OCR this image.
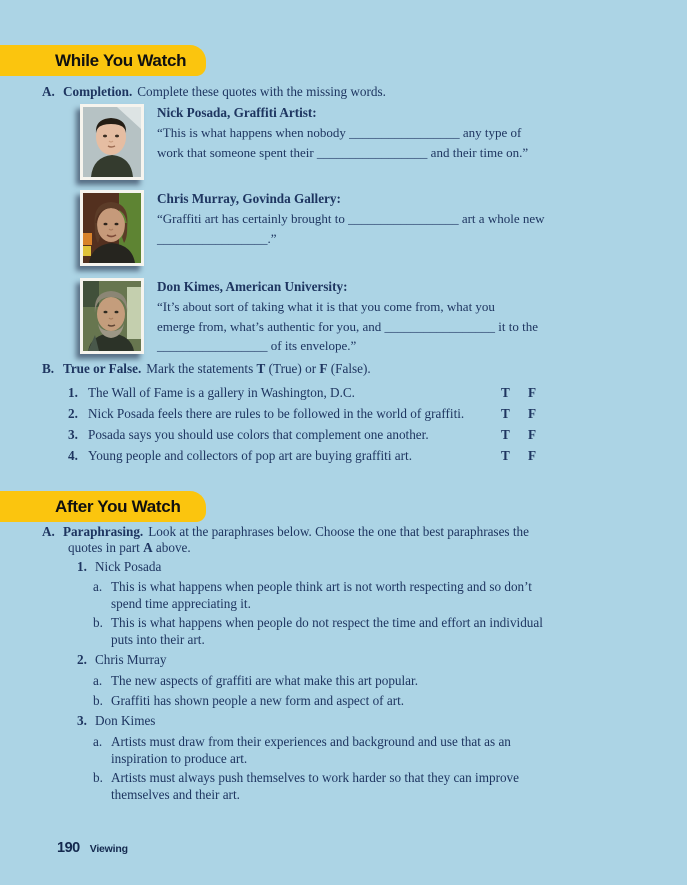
While You Watch
A. Completion. Complete these quotes with the missing words.
Nick Posada, Graffiti Artist:
“This is what happens when nobody _________________ any type of
work that someone spent their _________________ and their time on.”
Chris Murray, Govinda Gallery:
“Graffiti art has certainly brought to _________________ art a whole new
_________________.”
Don Kimes, American University:
“It’s about sort of taking what it is that you come from, what you
emerge from, what’s authentic for you, and _________________ it to the
_________________ of its envelope.”
B. True or False. Mark the statements T (True) or F (False).
1. The Wall of Fame is a gallery in Washington, D.C.	T F
2. Nick Posada feels there are rules to be followed in the world of graffiti.	T F
3. Posada says you should use colors that complement one another.	T F
4. Young people and collectors of pop art are buying graffiti art.	T F
After You Watch
A. Paraphrasing. Look at the paraphrases below. Choose the one that best paraphrases the
quotes in part A above.
1. Nick Posada
a. This is what happens when people think art is not worth respecting and so don’t
spend time appreciating it.
b. This is what happens when people do not respect the time and effort an individual
puts into their art.
2. Chris Murray
a. The new aspects of graffiti are what make this art popular.
b. Graffiti has shown people a new form and aspect of art.
3. Don Kimes
a. Artists must draw from their experiences and background and use that as an
inspiration to produce art.
b. Artists must always push themselves to work harder so that they can improve
themselves and their art.
190 Viewing
